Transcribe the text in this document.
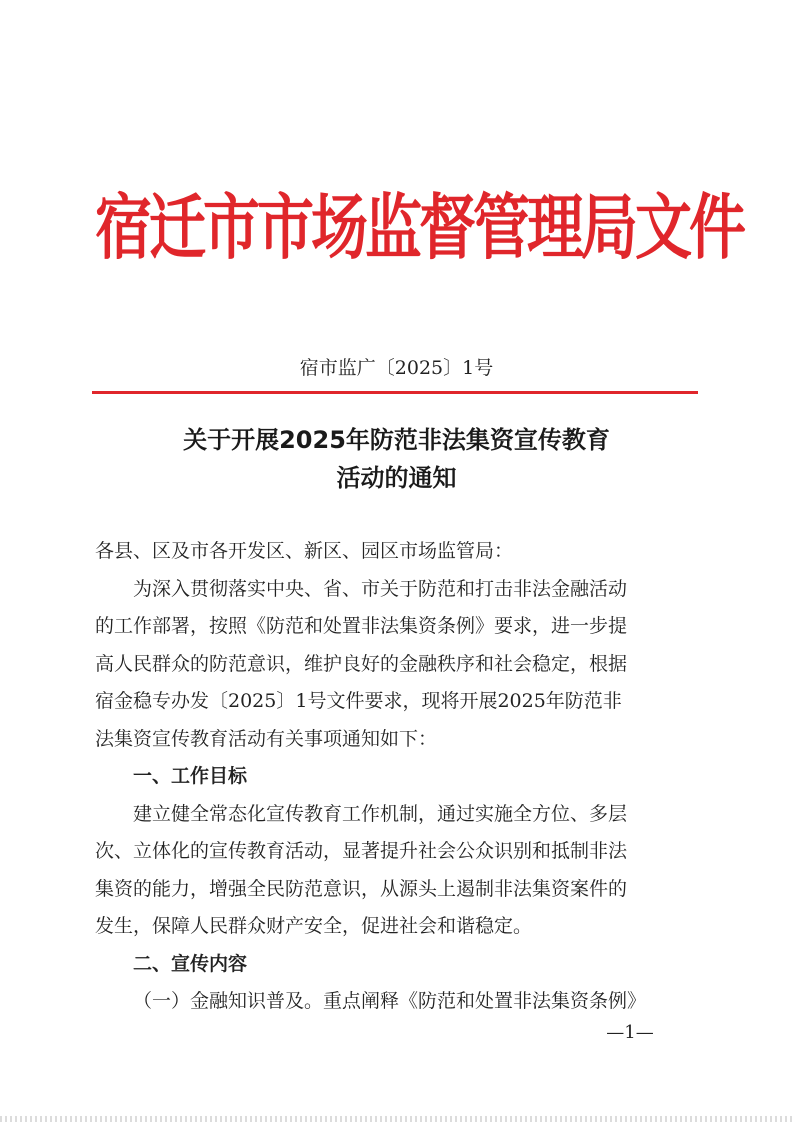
宿迁市市场监督管理局文件
宿市监广〔2025〕1号
关于开展2025年防范非法集资宣传教育
活动的通知
各县、区及市各开发区、新区、园区市场监管局：
为深入贯彻落实中央、省、市关于防范和打击非法金融活动
的工作部署，按照《防范和处置非法集资条例》要求，进一步提
高人民群众的防范意识，维护良好的金融秩序和社会稳定，根据
宿金稳专办发〔2025〕1号文件要求，现将开展2025年防范非
法集资宣传教育活动有关事项通知如下：
一、工作目标
建立健全常态化宣传教育工作机制，通过实施全方位、多层
次、立体化的宣传教育活动，显著提升社会公众识别和抵制非法
集资的能力，增强全民防范意识，从源头上遏制非法集资案件的
发生，保障人民群众财产安全，促进社会和谐稳定。
二、宣传内容
（一）金融知识普及。重点阐释《防范和处置非法集资条例》
—1—
